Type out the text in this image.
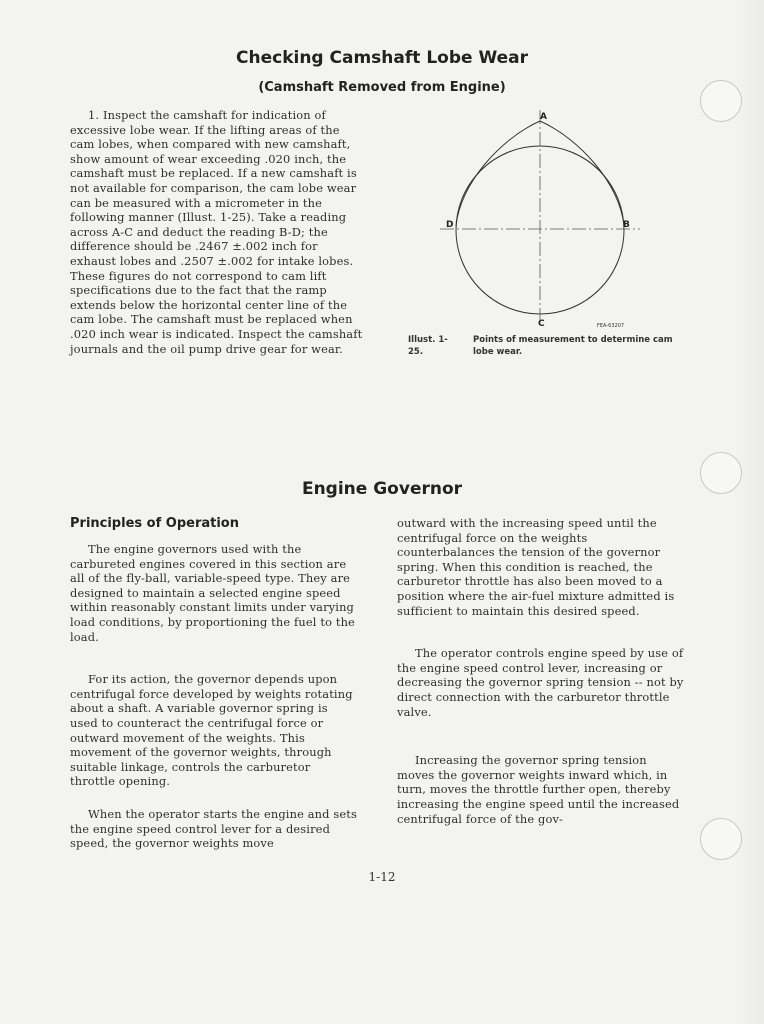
Checking Camshaft Lobe Wear
(Camshaft Removed from Engine)

1. Inspect the camshaft for indication of excessive lobe wear. If the lifting areas of the cam lobes, when compared with new camshaft, show amount of wear exceeding .020 inch, the camshaft must be replaced. If a new camshaft is not available for comparison, the cam lobe wear can be measured with a micrometer in the following manner (Illust. 1-25). Take a reading across A-C and deduct the reading B-D; the difference should be .2467 ±.002 inch for exhaust lobes and .2507 ±.002 for intake lobes. These figures do not correspond to cam lift specifications due to the fact that the ramp extends below the horizontal center line of the cam lobe. The camshaft must be replaced when .020 inch wear is indicated. Inspect the camshaft journals and the oil pump drive gear for wear.

A
B
C
D
FEA-63207
Illust. 1-25.
Points of measurement to determine cam lobe wear.
Engine Governor
Principles of Operation

The engine governors used with the carbureted engines covered in this section are all of the fly-ball, variable-speed type. They are designed to maintain a selected engine speed within reasonably constant limits under varying load conditions, by proportioning the fuel to the load.

For its action, the governor depends upon centrifugal force developed by weights rotating about a shaft. A variable governor spring is used to counteract the centrifugal force or outward movement of the weights. This movement of the governor weights, through suitable linkage, controls the carburetor throttle opening.

When the operator starts the engine and sets the engine speed control lever for a desired speed, the governor weights move

outward with the increasing speed until the centrifugal force on the weights counterbalances the tension of the governor spring. When this condition is reached, the carburetor throttle has also been moved to a position where the air-fuel mixture admitted is sufficient to maintain this desired speed.

The operator controls engine speed by use of the engine speed control lever, increasing or decreasing the governor spring tension -- not by direct connection with the carburetor throttle valve.

Increasing the governor spring tension moves the governor weights inward which, in turn, moves the throttle further open, thereby increasing the engine speed until the increased centrifugal force of the gov-

1-12
